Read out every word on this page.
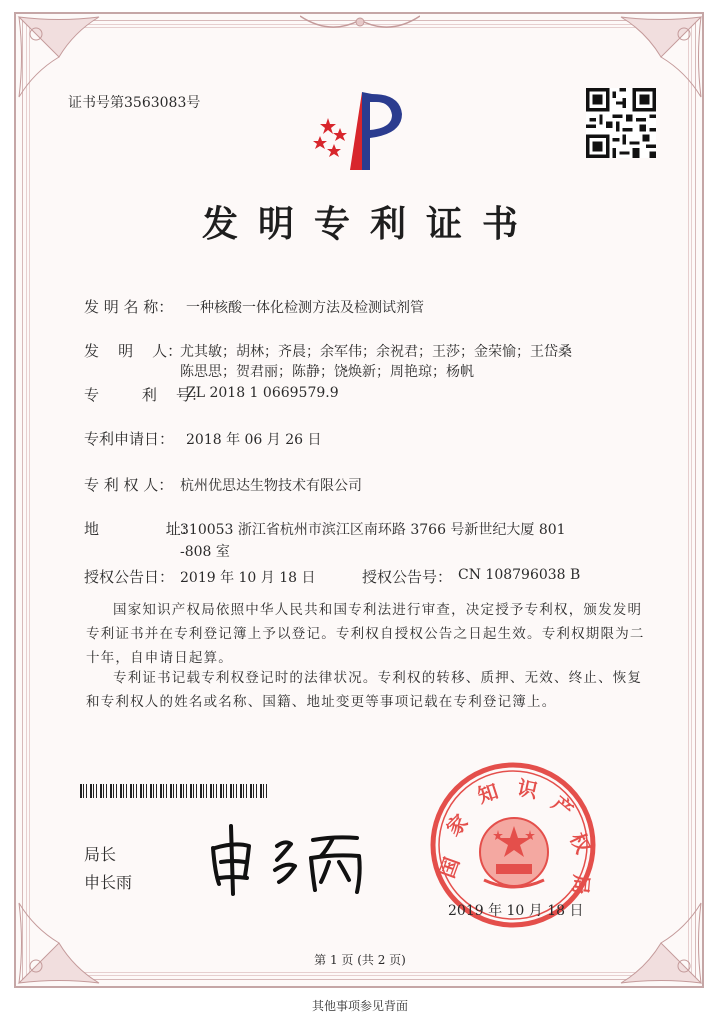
证书号第3563083号
发明专利证书
发 明 名 称： 一种核酸一体化检测方法及检测试剂管
发    明    人：
尤其敏；胡林；齐晨；余军伟；余祝君；王莎；金荣愉；王岱桑
陈思思；贺君丽；陈静；饶焕新；周艳琼；杨帆
专         利    号：
ZL 2018 1 0669579.9
专利申请日： 2018 年 06 月 26 日
专 利 权 人： 杭州优思达生物技术有限公司
地              址：
310053 浙江省杭州市滨江区南环路 3766 号新世纪大厦 801
-808 室
授权公告日： 2019 年 10 月 18 日	授权公告号： CN 108796038 B
国家知识产权局依照中华人民共和国专利法进行审查，决定授予专利权，颁发发明专利证书并在专利登记簿上予以登记。专利权自授权公告之日起生效。专利权期限为二十年，自申请日起算。
专利证书记载专利权登记时的法律状况。专利权的转移、质押、无效、终止、恢复和专利权人的姓名或名称、国籍、地址变更等事项记载在专利登记簿上。
局长
申长雨
国
家
知 识
产
权
局
2019 年 10 月 18 日
第 1 页 (共 2 页)
其他事项参见背面
